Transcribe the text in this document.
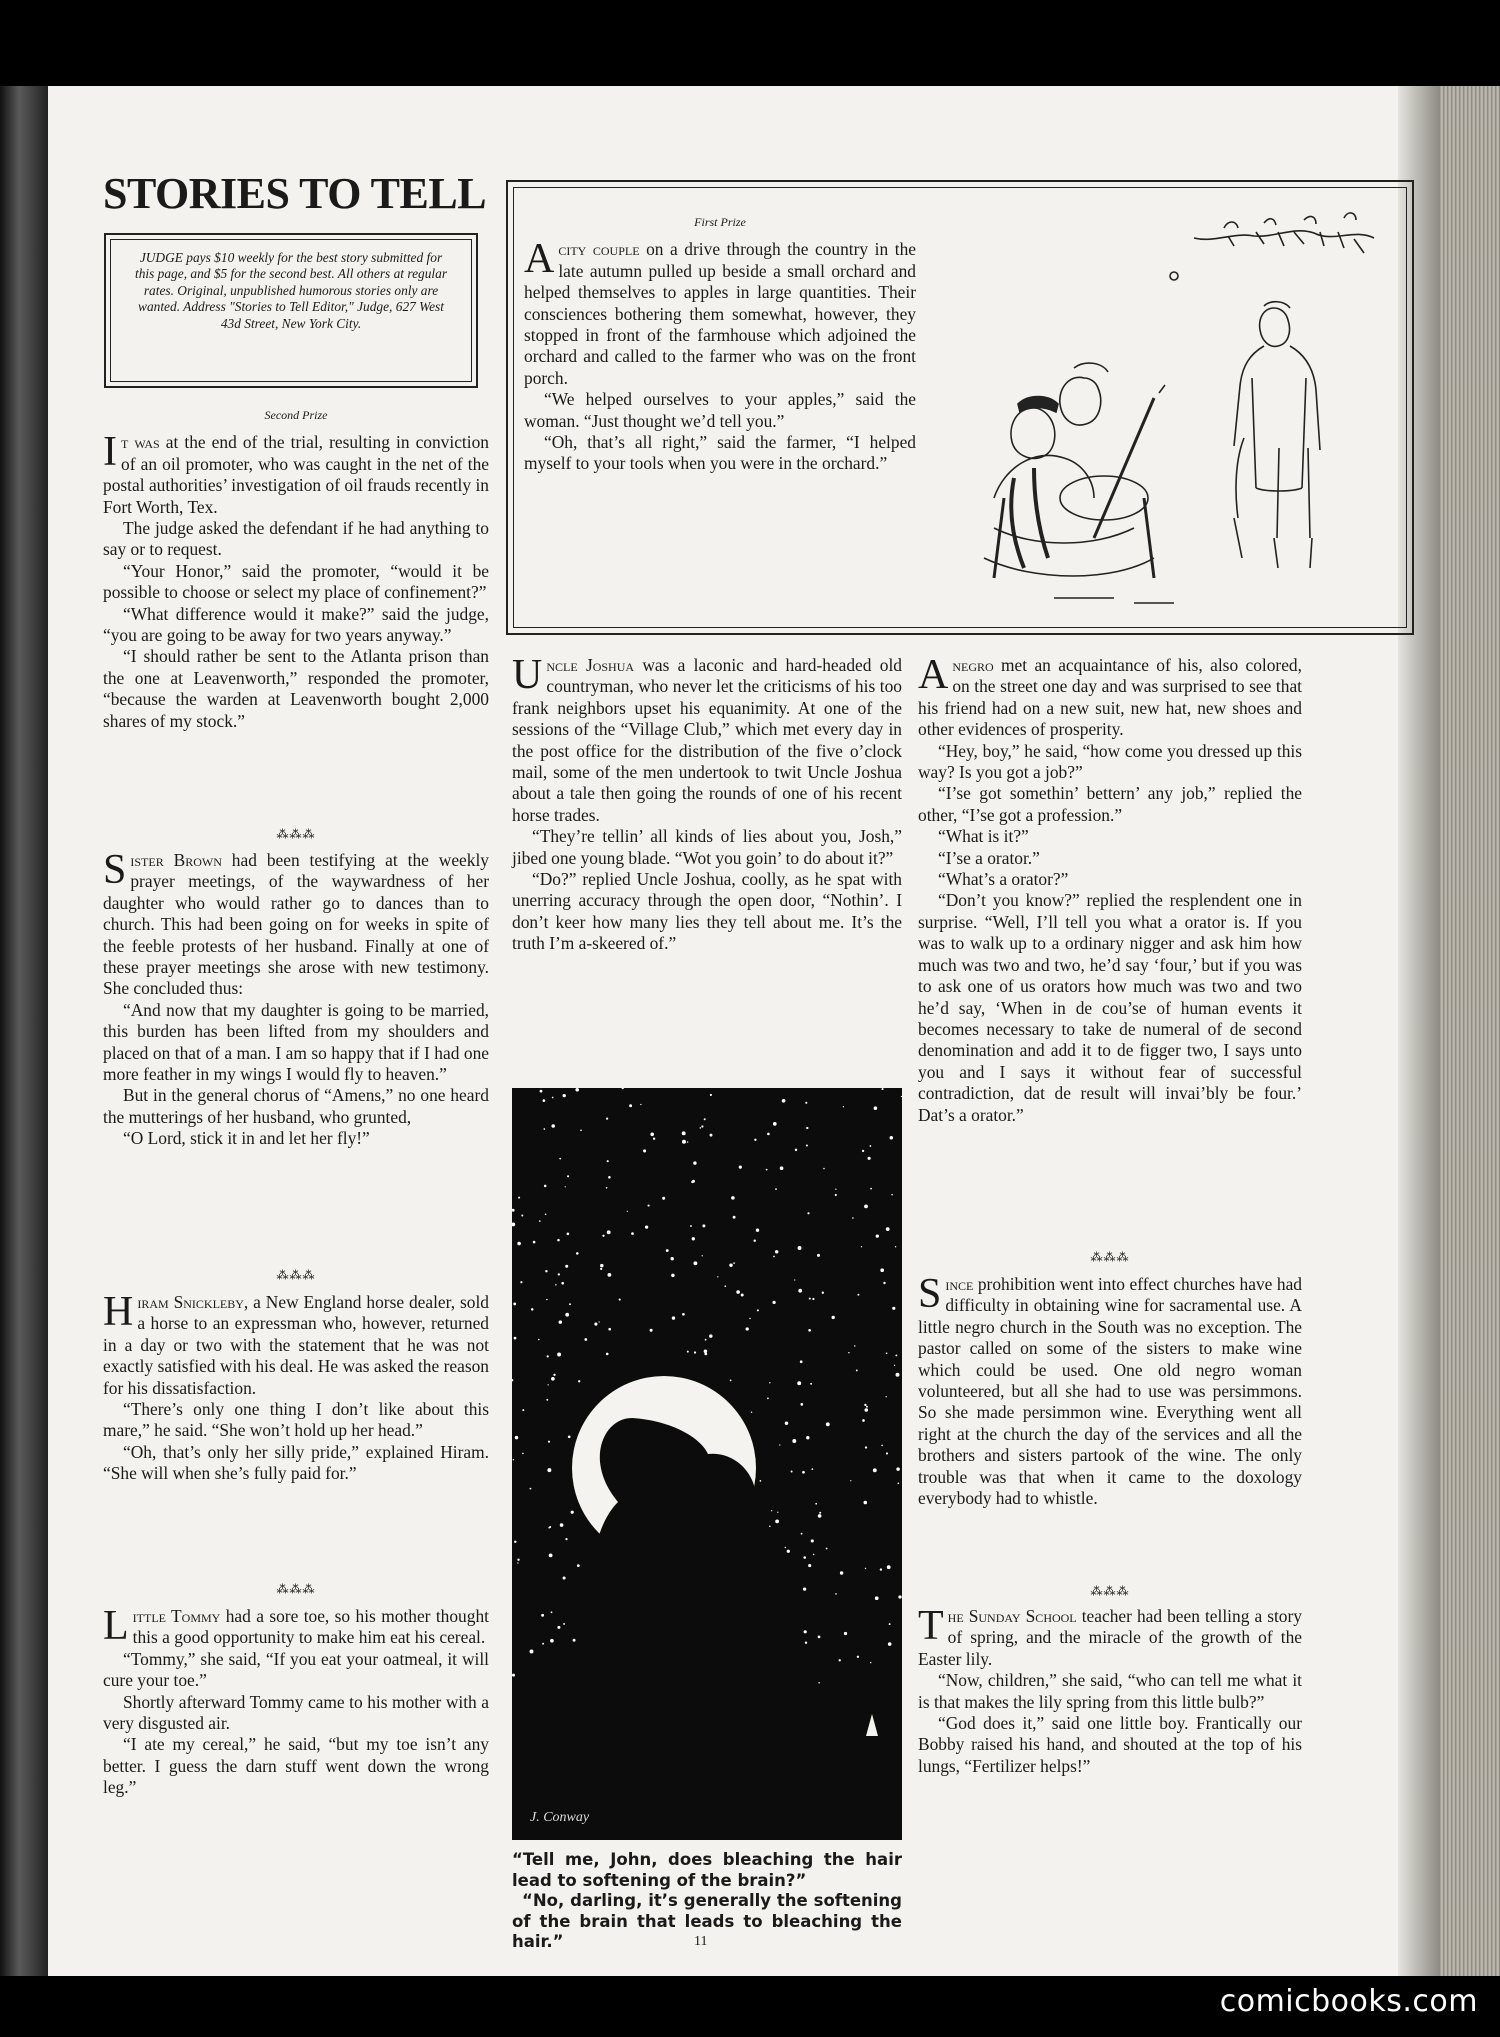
STORIES TO TELL
JUDGE pays $10 weekly for the best story submitted for this page, and $5 for the second best. All others at regular rates. Original, unpublished humorous stories only are wanted. Address "Stories to Tell Editor," Judge, 627 West 43d Street, New York City.
Second Prize

It was at the end of the trial, resulting in conviction of an oil promoter, who was caught in the net of the postal authorities’ investigation of oil frauds recently in Fort Worth, Tex.

The judge asked the defendant if he had anything to say or to request.

“Your Honor,” said the promoter, “would it be possible to choose or select my place of confinement?”

“What difference would it make?” said the judge, “you are going to be away for two years anyway.”

“I should rather be sent to the Atlanta prison than the one at Leavenworth,” responded the promoter, “because the warden at Leavenworth bought 2,000 shares of my stock.”

⁂⁂⁂

Sister Brown had been testifying at the weekly prayer meetings, of the waywardness of her daughter who would rather go to dances than to church. This had been going on for weeks in spite of the feeble protests of her husband. Finally at one of these prayer meetings she arose with new testimony. She concluded thus:

“And now that my daughter is going to be married, this burden has been lifted from my shoulders and placed on that of a man. I am so happy that if I had one more feather in my wings I would fly to heaven.”

But in the general chorus of “Amens,” no one heard the mutterings of her husband, who grunted,

“O Lord, stick it in and let her fly!”

⁂⁂⁂

Hiram Snickleby, a New England horse dealer, sold a horse to an expressman who, however, returned in a day or two with the statement that he was not exactly satisfied with his deal. He was asked the reason for his dissatisfaction.

“There’s only one thing I don’t like about this mare,” he said. “She won’t hold up her head.”

“Oh, that’s only her silly pride,” explained Hiram. “She will when she’s fully paid for.”

⁂⁂⁂

Little Tommy had a sore toe, so his mother thought this a good opportunity to make him eat his cereal.

“Tommy,” she said, “If you eat your oatmeal, it will cure your toe.”

Shortly afterward Tommy came to his mother with a very disgusted air.

“I ate my cereal,” he said, “but my toe isn’t any better. I guess the darn stuff went down the wrong leg.”

First Prize

Acity couple on a drive through the country in the late autumn pulled up beside a small orchard and helped themselves to apples in large quantities. Their consciences bothering them somewhat, however, they stopped in front of the farmhouse which adjoined the orchard and called to the farmer who was on the front porch.

“We helped ourselves to your apples,” said the woman. “Just thought we’d tell you.”

“Oh, that’s all right,” said the farmer, “I helped myself to your tools when you were in the orchard.”

Uncle Joshua was a laconic and hard-headed old countryman, who never let the criticisms of his too frank neighbors upset his equanimity. At one of the sessions of the “Village Club,” which met every day in the post office for the distribution of the five o’clock mail, some of the men undertook to twit Uncle Joshua about a tale then going the rounds of one of his recent horse trades.

“They’re tellin’ all kinds of lies about you, Josh,” jibed one young blade. “Wot you goin’ to do about it?”

“Do?” replied Uncle Joshua, coolly, as he spat with unerring accuracy through the open door, “Nothin’. I don’t keer how many lies they tell about me. It’s the truth I’m a-skeered of.”

J. Conway

“Tell me, John, does bleaching the hair lead to softening of the brain?”

“No, darling, it’s generally the softening of the brain that leads to bleaching the hair.”

Anegro met an acquaintance of his, also colored, on the street one day and was surprised to see that his friend had on a new suit, new hat, new shoes and other evidences of prosperity.

“Hey, boy,” he said, “how come you dressed up this way? Is you got a job?”

“I’se got somethin’ bettern’ any job,” replied the other, “I’se got a profession.”

“What is it?”

“I’se a orator.”

“What’s a orator?”

“Don’t you know?” replied the resplendent one in surprise. “Well, I’ll tell you what a orator is. If you was to walk up to a ordinary nigger and ask him how much was two and two, he’d say ‘four,’ but if you was to ask one of us orators how much was two and two he’d say, ‘When in de cou’se of human events it becomes necessary to take de numeral of de second denomination and add it to de figger two, I says unto you and I says it without fear of successful contradiction, dat de result will invai’bly be four.’ Dat’s a orator.”

⁂⁂⁂

Since prohibition went into effect churches have had difficulty in obtaining wine for sacramental use. A little negro church in the South was no exception. The pastor called on some of the sisters to make wine which could be used. One old negro woman volunteered, but all she had to use was persimmons. So she made persimmon wine. Everything went all right at the church the day of the services and all the brothers and sisters partook of the wine. The only trouble was that when it came to the doxology everybody had to whistle.

⁂⁂⁂

The Sunday School teacher had been telling a story of spring, and the miracle of the growth of the Easter lily.

“Now, children,” she said, “who can tell me what it is that makes the lily spring from this little bulb?”

“God does it,” said one little boy. Frantically our Bobby raised his hand, and shouted at the top of his lungs, “Fertilizer helps!”

11
comicbooks.com
